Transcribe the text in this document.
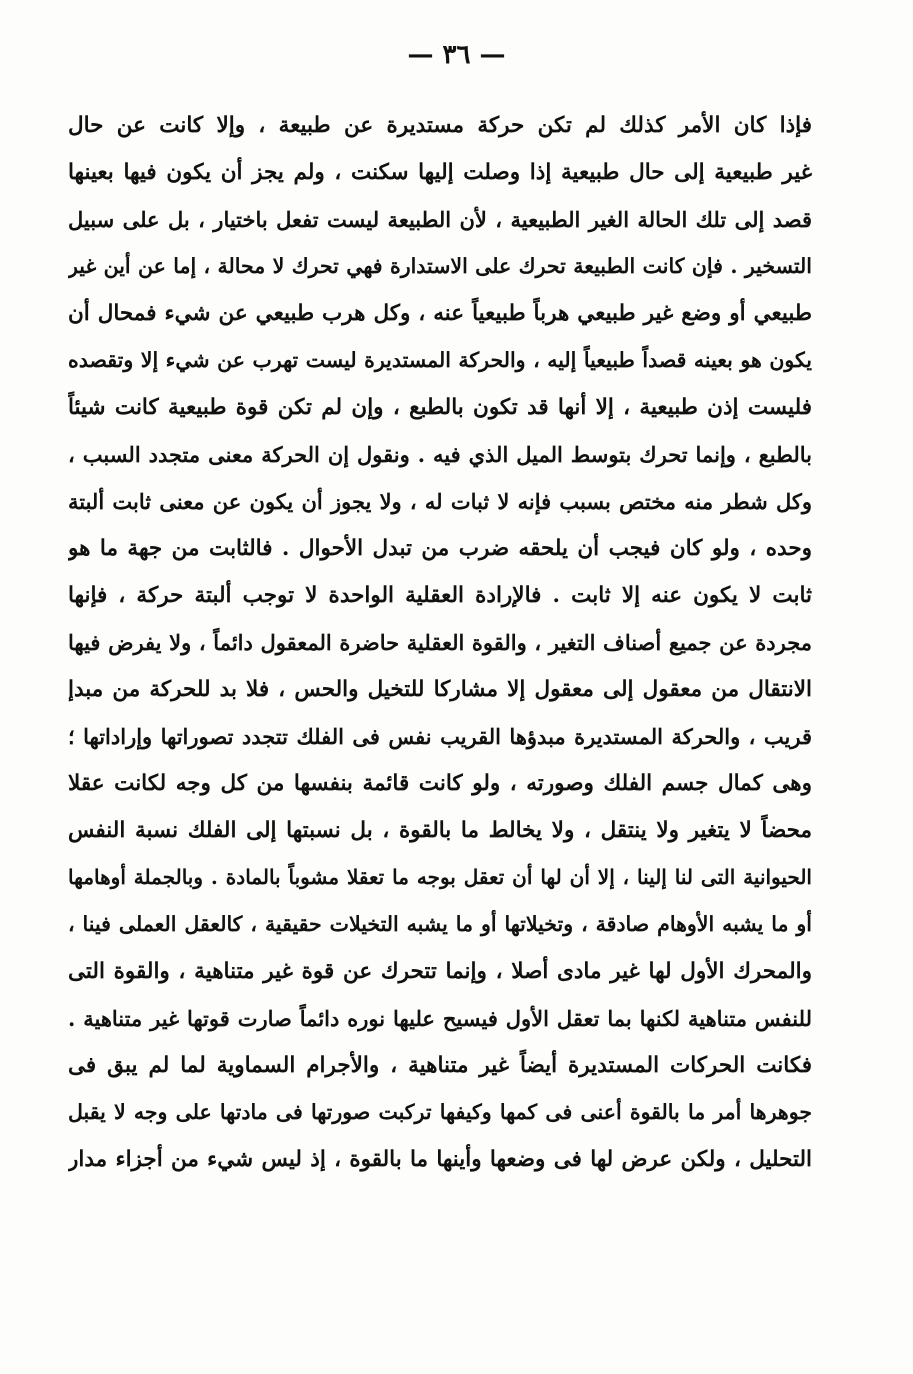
— ٣٦ —
فإذا كان الأمر كذلك لم تكن حركة مستديرة عن طبيعة ، وإلا كانت عن حال
غير طبيعية إلى حال طبيعية إذا وصلت إليها سكنت ، ولم يجز أن يكون فيها بعينها
قصد إلى تلك الحالة الغير الطبيعية ، لأن الطبيعة ليست تفعل باختيار ، بل على سبيل
التسخير . فإن كانت الطبيعة تحرك على الاستدارة فهي تحرك لا محالة ، إما عن أين غير
طبيعي أو وضع غير طبيعي هرباً طبيعياً عنه ، وكل هرب طبيعي عن شيء فمحال أن
يكون هو بعينه قصداً طبيعياً إليه ، والحركة المستديرة ليست تهرب عن شيء إلا وتقصده
فليست إذن طبيعية ، إلا أنها قد تكون بالطبع ، وإن لم تكن قوة طبيعية كانت شيئاً
بالطبع ، وإنما تحرك بتوسط الميل الذي فيه . ونقول إن الحركة معنى متجدد السبب ،
وكل شطر منه مختص بسبب فإنه لا ثبات له ، ولا يجوز أن يكون عن معنى ثابت ألبتة
وحده ، ولو كان فيجب أن يلحقه ضرب من تبدل الأحوال . فالثابت من جهة ما هو
ثابت لا يكون عنه إلا ثابت . فالإرادة العقلية الواحدة لا توجب ألبتة حركة ، فإنها
مجردة عن جميع أصناف التغير ، والقوة العقلية حاضرة المعقول دائماً ، ولا يفرض فيها
الانتقال من معقول إلى معقول إلا مشاركا للتخيل والحس ، فلا بد للحركة من مبدإ
قريب ، والحركة المستديرة مبدؤها القريب نفس فى الفلك تتجدد تصوراتها وإراداتها ؛
وهى كمال جسم الفلك وصورته ، ولو كانت قائمة بنفسها من كل وجه لكانت عقلا
محضاً لا يتغير ولا ينتقل ، ولا يخالط ما بالقوة ، بل نسبتها إلى الفلك نسبة النفس
الحيوانية التى لنا إلينا ، إلا أن لها أن تعقل بوجه ما تعقلا مشوباً بالمادة . وبالجملة أوهامها
أو ما يشبه الأوهام صادقة ، وتخيلاتها أو ما يشبه التخيلات حقيقية ، كالعقل العملى فينا ،
والمحرك الأول لها غير مادى أصلا ، وإنما تتحرك عن قوة غير متناهية ، والقوة التى
للنفس متناهية لكنها بما تعقل الأول فيسيح عليها نوره دائماً صارت قوتها غير متناهية .
فكانت الحركات المستديرة أيضاً غير متناهية ، والأجرام السماوية لما لم يبق فى
جوهرها أمر ما بالقوة أعنى فى كمها وكيفها تركبت صورتها فى مادتها على وجه لا يقبل
التحليل ، ولكن عرض لها فى وضعها وأينها ما بالقوة ، إذ ليس شيء من أجزاء مدار
